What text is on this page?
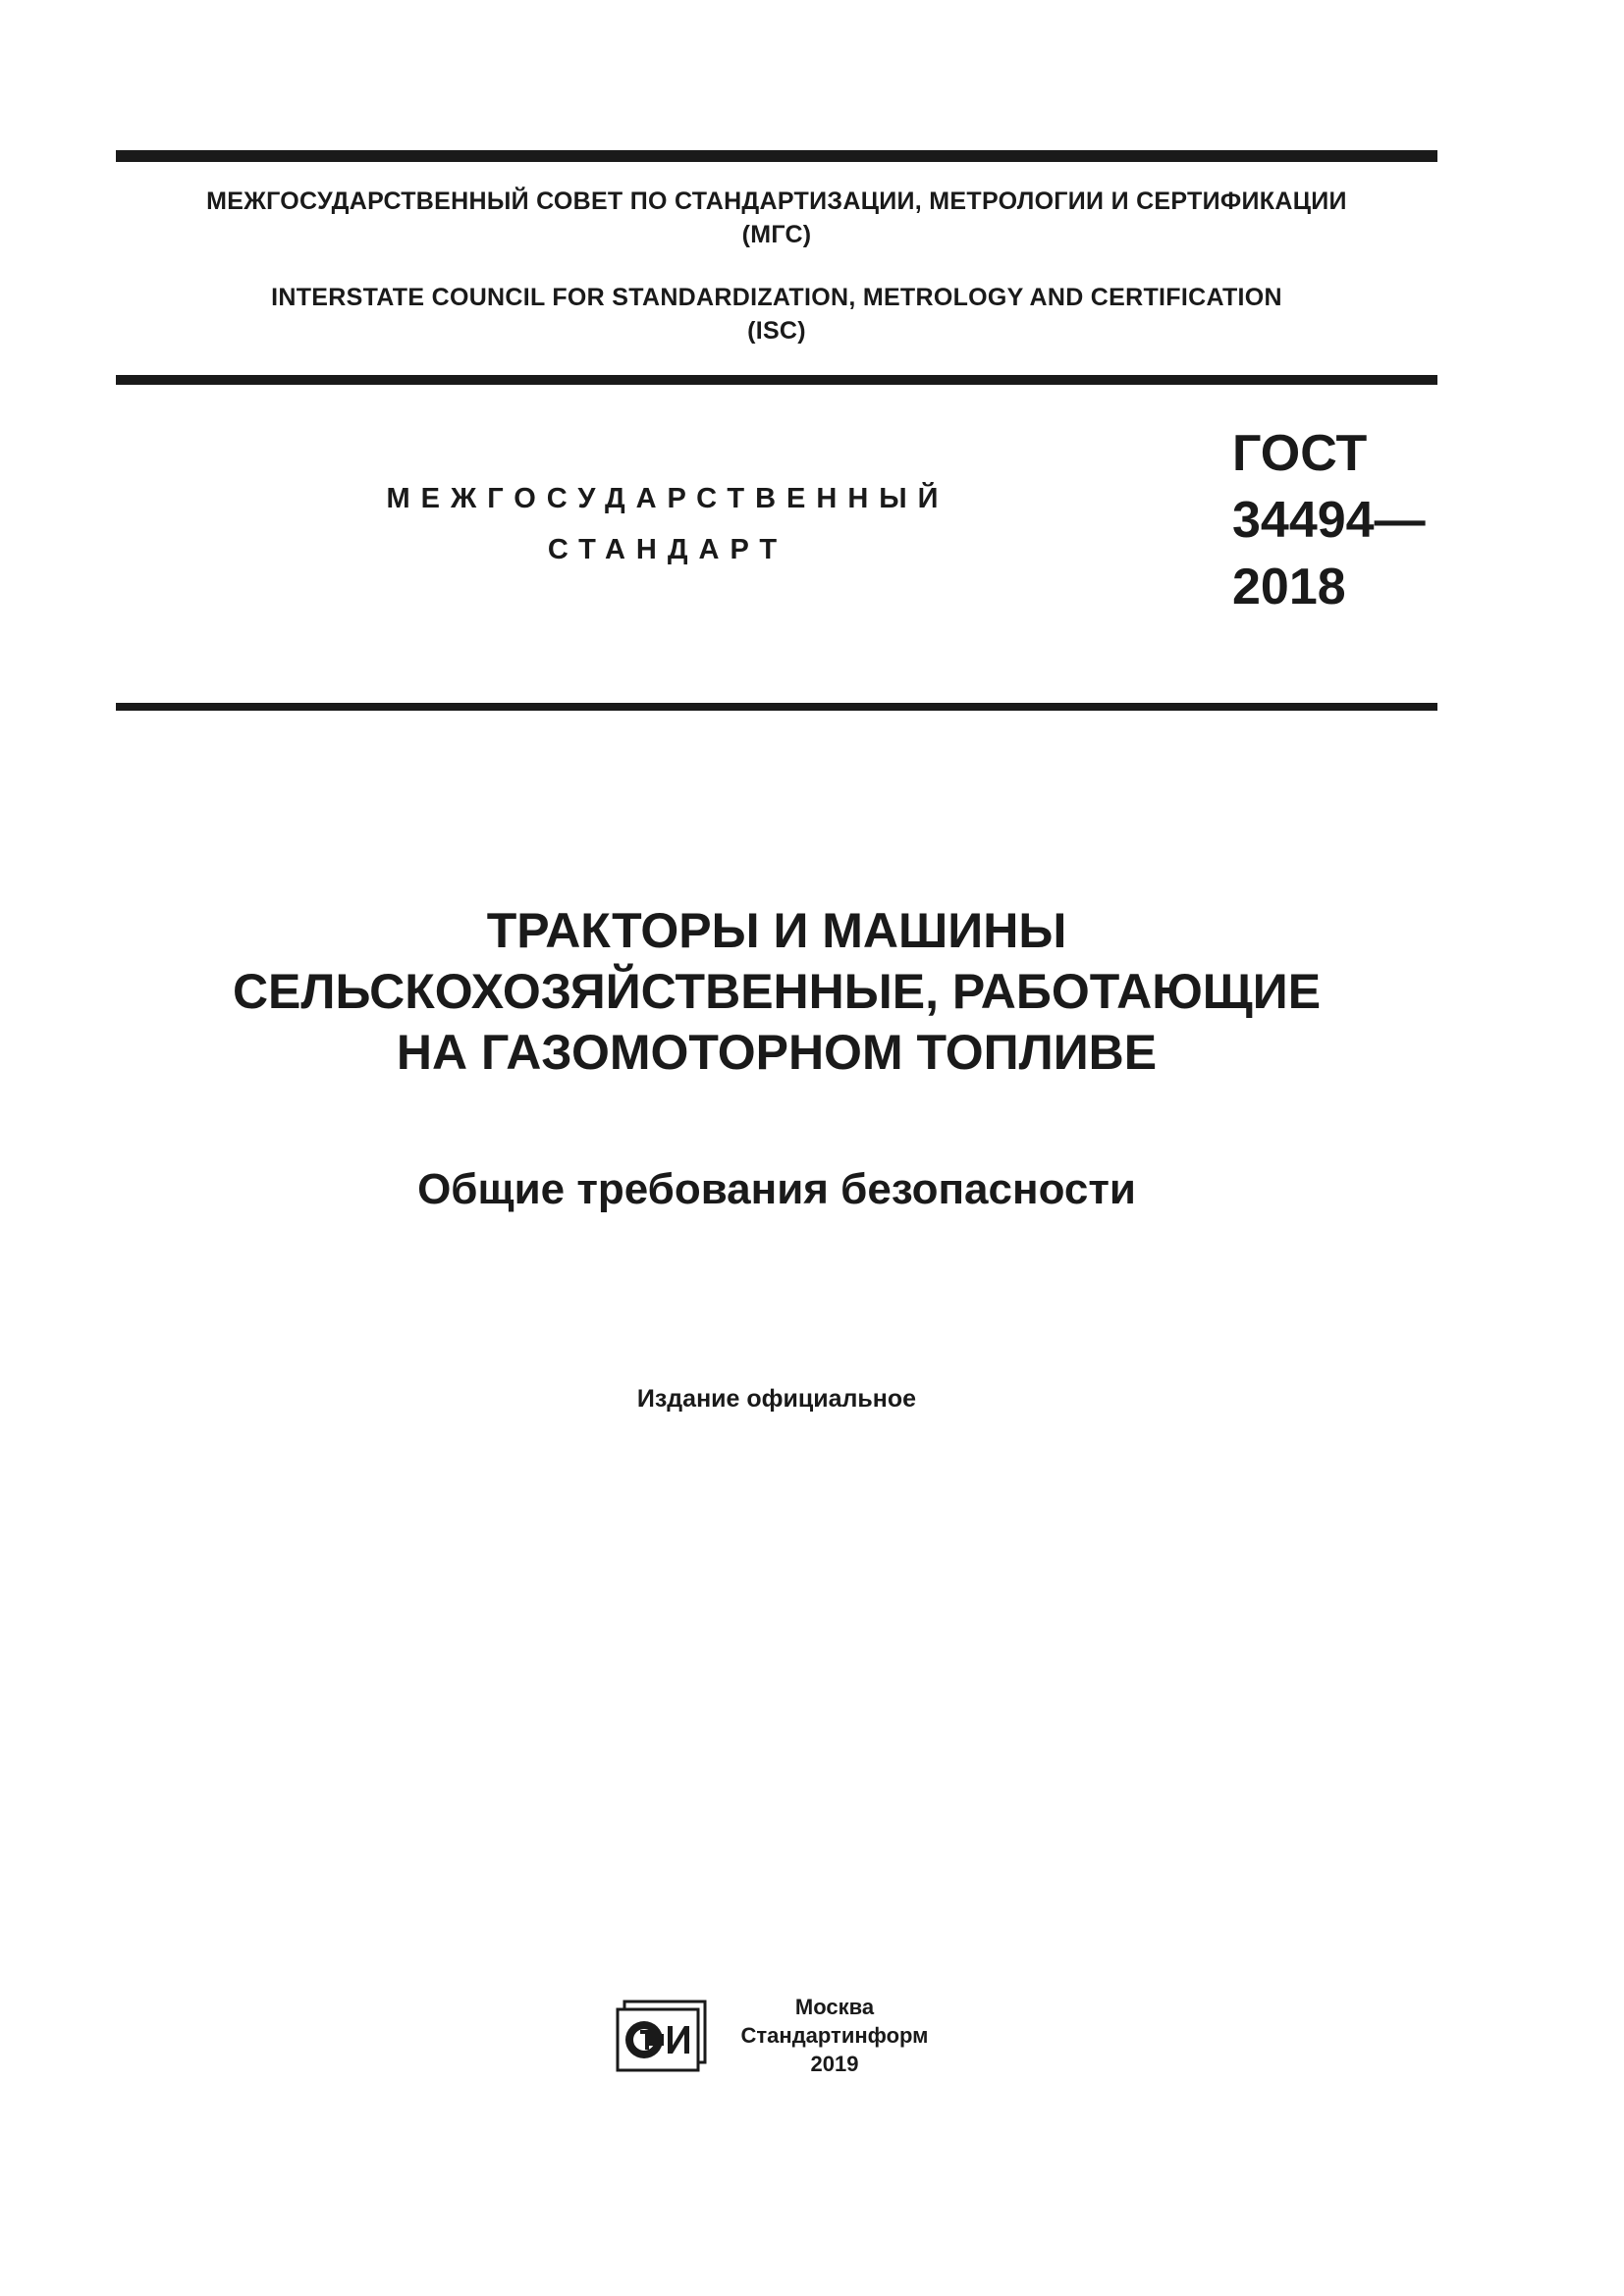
МЕЖГОСУДАРСТВЕННЫЙ СОВЕТ ПО СТАНДАРТИЗАЦИИ, МЕТРОЛОГИИ И СЕРТИФИКАЦИИ
(МГС)
INTERSTATE COUNCIL FOR STANDARDIZATION, METROLOGY AND CERTIFICATION
(ISC)
МЕЖГОСУДАРСТВЕННЫЙ
СТАНДАРТ
ГОСТ
34494—
2018
ТРАКТОРЫ И МАШИНЫ
СЕЛЬСКОХОЗЯЙСТВЕННЫЕ, РАБОТАЮЩИЕ
НА ГАЗОМОТОРНОМ ТОПЛИВЕ
Общие требования безопасности
Издание официальное
Москва
Стандартинформ
2019
